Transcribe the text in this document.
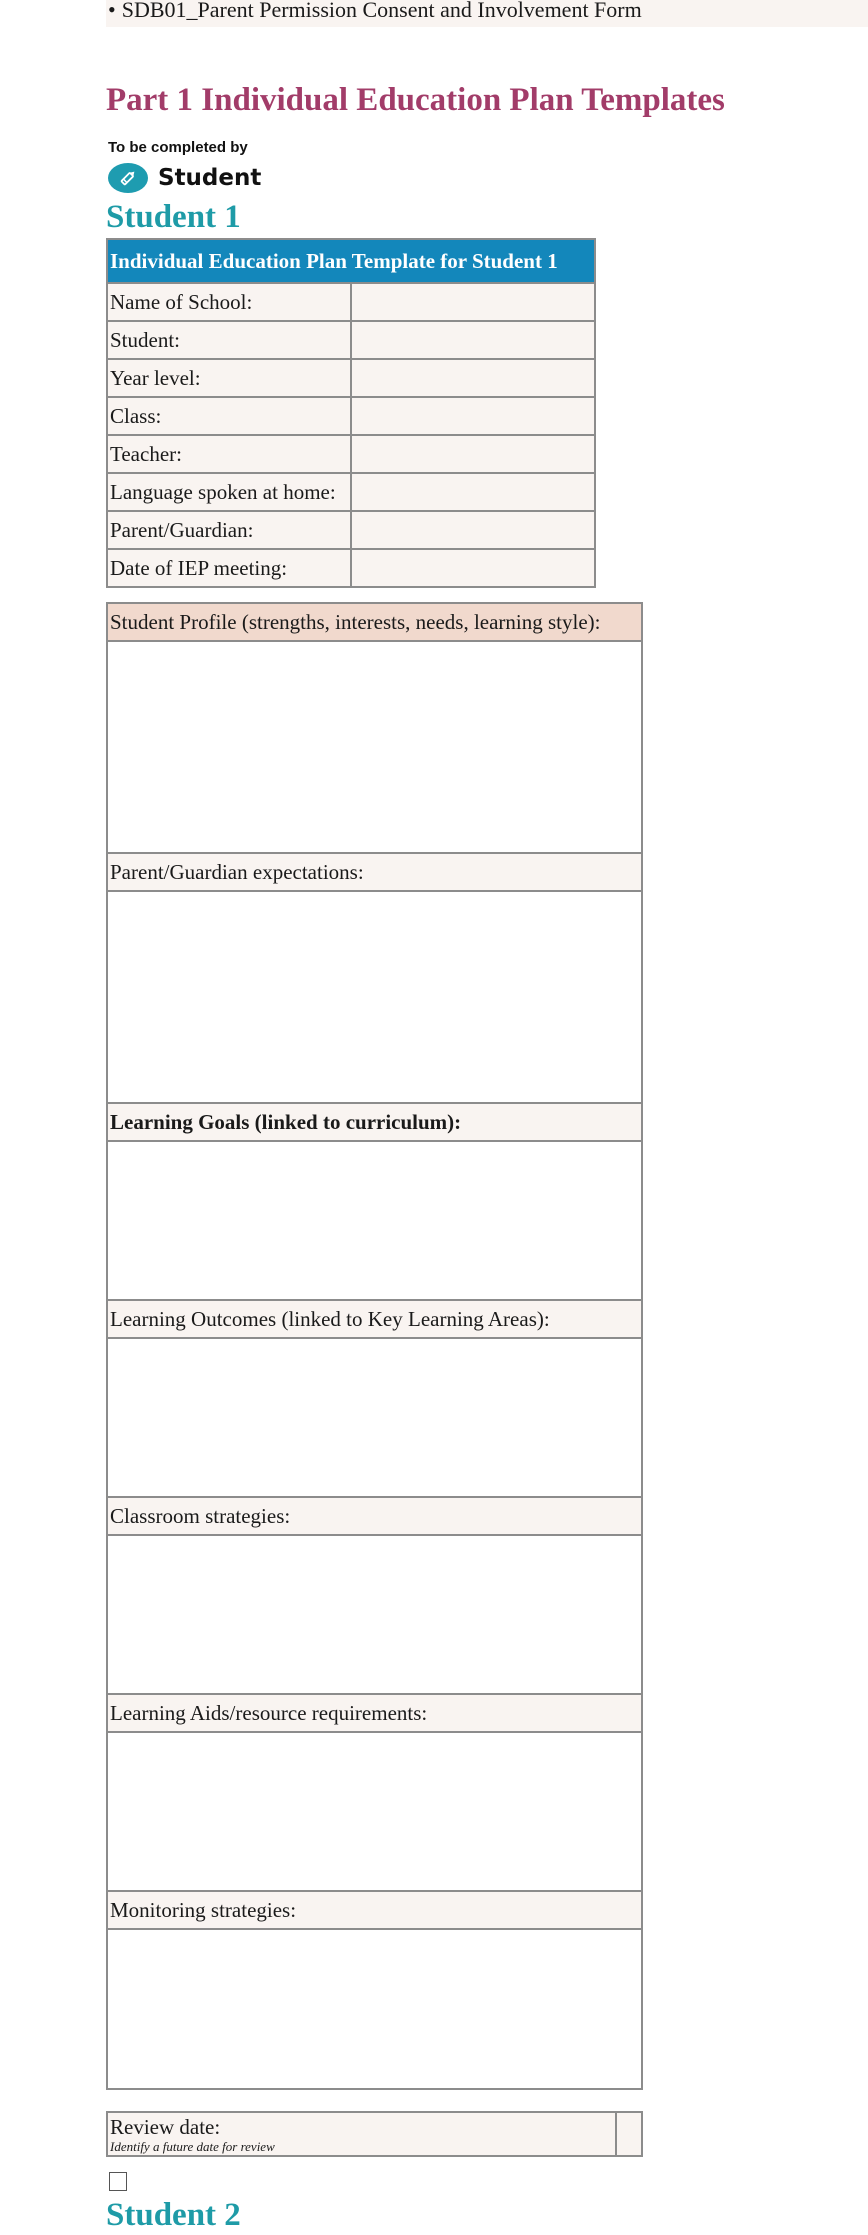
• SDB01_Parent Permission Consent and Involvement Form
Part 1 Individual Education Plan Templates
To be completed by
Student
Student 1
Individual Education Plan Template for Student 1	
Name of School:	
Student:	
Year level:	
Class:	
Teacher:	
Language spoken at home:	
Parent/Guardian:	
Date of IEP meeting:	
Student Profile (strengths, interests, needs, learning style):

Parent/Guardian expectations:

Learning Goals (linked to curriculum):

Learning Outcomes (linked to Key Learning Areas):

Classroom strategies:

Learning Aids/resource requirements:

Monitoring strategies:

Review date:
Identify a future date for review

Student 2
